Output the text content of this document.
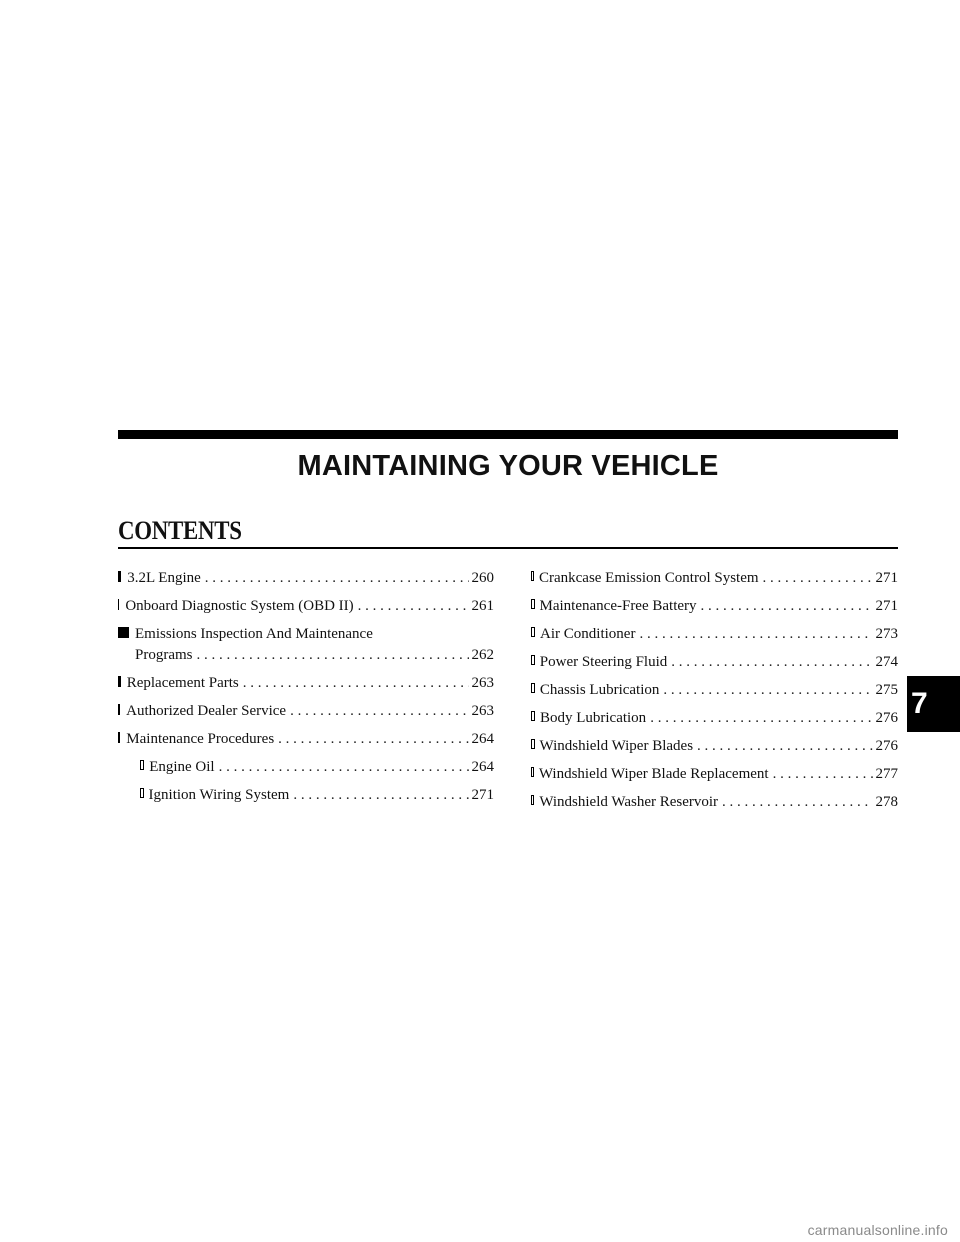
MAINTAINING YOUR VEHICLE
CONTENTS
3.2L Engine . . .	260
Onboard Diagnostic System (OBD II) . . .	261
Emissions Inspection And Maintenance
Programs . . .	262
Replacement Parts . . .	263
Authorized Dealer Service . . .	263
Maintenance Procedures . . .	264
Engine Oil . . .	264
Ignition Wiring System . . .	271
Crankcase Emission Control System . . .	271
Maintenance-Free Battery . . .	271
Air Conditioner . . .	273
Power Steering Fluid . . .	274
Chassis Lubrication . . .	275
Body Lubrication . . .	276
Windshield Wiper Blades . . .	276
Windshield Wiper Blade Replacement . . .	277
Windshield Washer Reservoir . . .	278
7
carmanualsonline.info
